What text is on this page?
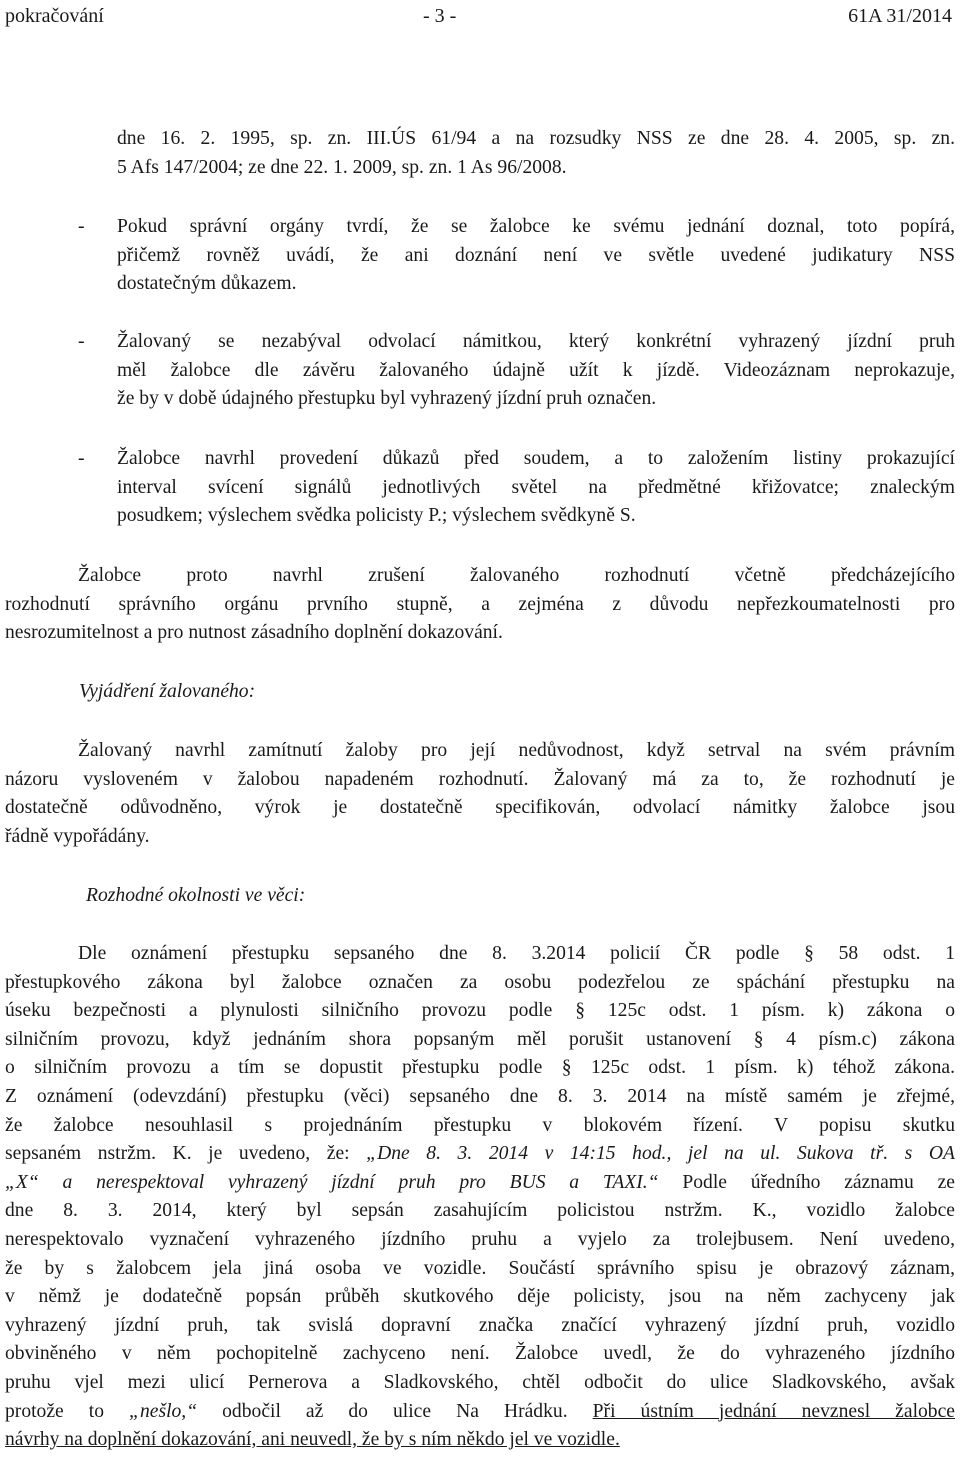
pokračování	- 3 -	61A 31/2014

dne 16. 2. 1995, sp. zn. III.ÚS 61/94 a na rozsudky NSS ze dne 28. 4. 2005, sp. zn.
5 Afs 147/2004; ze dne 22. 1. 2009, sp. zn. 1 As 96/2008.

- Pokud správní orgány tvrdí, že se žalobce ke svému jednání doznal, toto popírá,
přičemž rovněž uvádí, že ani doznání není ve světle uvedené judikatury NSS
dostatečným důkazem.

- Žalovaný se nezabýval odvolací námitkou, který konkrétní vyhrazený jízdní pruh
měl žalobce dle závěru žalovaného údajně užít k jízdě. Videozáznam neprokazuje,
že by v době údajného přestupku byl vyhrazený jízdní pruh označen.

- Žalobce navrhl provedení důkazů před soudem, a to založením listiny prokazující
interval svícení signálů jednotlivých světel na předmětné křižovatce; znaleckým
posudkem; výslechem svědka policisty P.; výslechem svědkyně S.

Žalobce proto navrhl zrušení žalovaného rozhodnutí včetně předcházejícího
rozhodnutí správního orgánu prvního stupně, a zejména z důvodu nepřezkoumatelnosti pro
nesrozumitelnost a pro nutnost zásadního doplnění dokazování.

Vyjádření žalovaného:

Žalovaný navrhl zamítnutí žaloby pro její nedůvodnost, když setrval na svém právním
názoru vysloveném v žalobou napadeném rozhodnutí. Žalovaný má za to, že rozhodnutí je
dostatečně odůvodněno, výrok je dostatečně specifikován, odvolací námitky žalobce jsou
řádně vypořádány.

Rozhodné okolnosti ve věci:

Dle oznámení přestupku sepsaného dne 8. 3.2014 policií ČR podle § 58 odst. 1
přestupkového zákona byl žalobce označen za osobu podezřelou ze spáchání přestupku na
úseku bezpečnosti a plynulosti silničního provozu podle § 125c odst. 1 písm. k) zákona o
silničním provozu, když jednáním shora popsaným měl porušit ustanovení § 4 písm.c) zákona
o silničním provozu a tím se dopustit přestupku podle § 125c odst. 1 písm. k) téhož zákona.
Z oznámení (odevzdání) přestupku (věci) sepsaného dne 8. 3. 2014 na místě samém je zřejmé,
že žalobce nesouhlasil s projednáním přestupku v blokovém řízení. V popisu skutku
sepsaném nstržm. K. je uvedeno, že: „Dne 8. 3. 2014 v 14:15 hod., jel na ul. Sukova tř. s OA
„X“ a nerespektoval vyhrazený jízdní pruh pro BUS a TAXI.“ Podle úředního záznamu ze
dne 8. 3. 2014, který byl sepsán zasahujícím policistou nstržm. K., vozidlo žalobce
nerespektovalo vyznačení vyhrazeného jízdního pruhu a vyjelo za trolejbusem. Není uvedeno,
že by s žalobcem jela jiná osoba ve vozidle. Součástí správního spisu je obrazový záznam,
v němž je dodatečně popsán průběh skutkového děje policisty, jsou na něm zachyceny jak
vyhrazený jízdní pruh, tak svislá dopravní značka značící vyhrazený jízdní pruh, vozidlo
obviněného v něm pochopitelně zachyceno není. Žalobce uvedl, že do vyhrazeného jízdního
pruhu vjel mezi ulicí Pernerova a Sladkovského, chtěl odbočit do ulice Sladkovského, avšak
protože to „nešlo,“ odbočil až do ulice Na Hrádku. Při ústním jednání nevznesl žalobce
návrhy na doplnění dokazování, ani neuvedl, že by s ním někdo jel ve vozidle.
